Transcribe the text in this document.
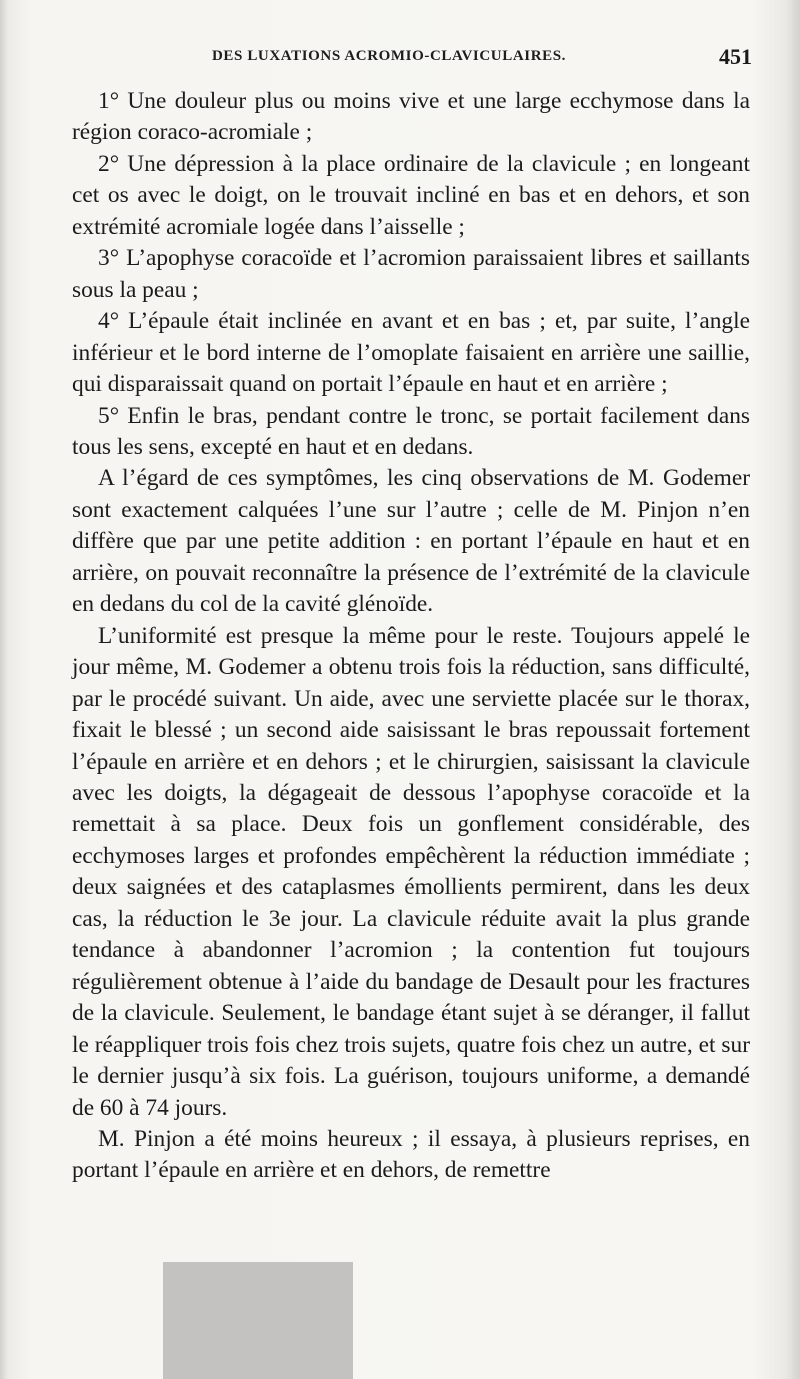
DES LUXATIONS ACROMIO-CLAVICULAIRES.	451

1° Une douleur plus ou moins vive et une large ecchymose dans la région coraco-acromiale ;

2° Une dépression à la place ordinaire de la clavicule ; en longeant cet os avec le doigt, on le trouvait incliné en bas et en dehors, et son extrémité acromiale logée dans l’aisselle ;

3° L’apophyse coracoïde et l’acromion paraissaient libres et saillants sous la peau ;

4° L’épaule était inclinée en avant et en bas ; et, par suite, l’angle inférieur et le bord interne de l’omoplate faisaient en arrière une saillie, qui disparaissait quand on portait l’épaule en haut et en arrière ;

5° Enfin le bras, pendant contre le tronc, se portait facilement dans tous les sens, excepté en haut et en dedans.

A l’égard de ces symptômes, les cinq observations de M. Godemer sont exactement calquées l’une sur l’autre ; celle de M. Pinjon n’en diffère que par une petite addition : en portant l’épaule en haut et en arrière, on pouvait reconnaître la présence de l’extrémité de la clavicule en dedans du col de la cavité glénoïde.

L’uniformité est presque la même pour le reste. Toujours appelé le jour même, M. Godemer a obtenu trois fois la réduction, sans difficulté, par le procédé suivant. Un aide, avec une serviette placée sur le thorax, fixait le blessé ; un second aide saisissant le bras repoussait fortement l’épaule en arrière et en dehors ; et le chirurgien, saisissant la clavicule avec les doigts, la dégageait de dessous l’apophyse coracoïde et la remettait à sa place. Deux fois un gonflement considérable, des ecchymoses larges et profondes empêchèrent la réduction immédiate ; deux saignées et des cataplasmes émollients permirent, dans les deux cas, la réduction le 3e jour. La clavicule réduite avait la plus grande tendance à abandonner l’acromion ; la contention fut toujours régulièrement obtenue à l’aide du bandage de Desault pour les fractures de la clavicule. Seulement, le bandage étant sujet à se déranger, il fallut le réappliquer trois fois chez trois sujets, quatre fois chez un autre, et sur le dernier jusqu’à six fois. La guérison, toujours uniforme, a demandé de 60 à 74 jours.

M. Pinjon a été moins heureux ; il essaya, à plusieurs reprises, en portant l’épaule en arrière et en dehors, de remettre
